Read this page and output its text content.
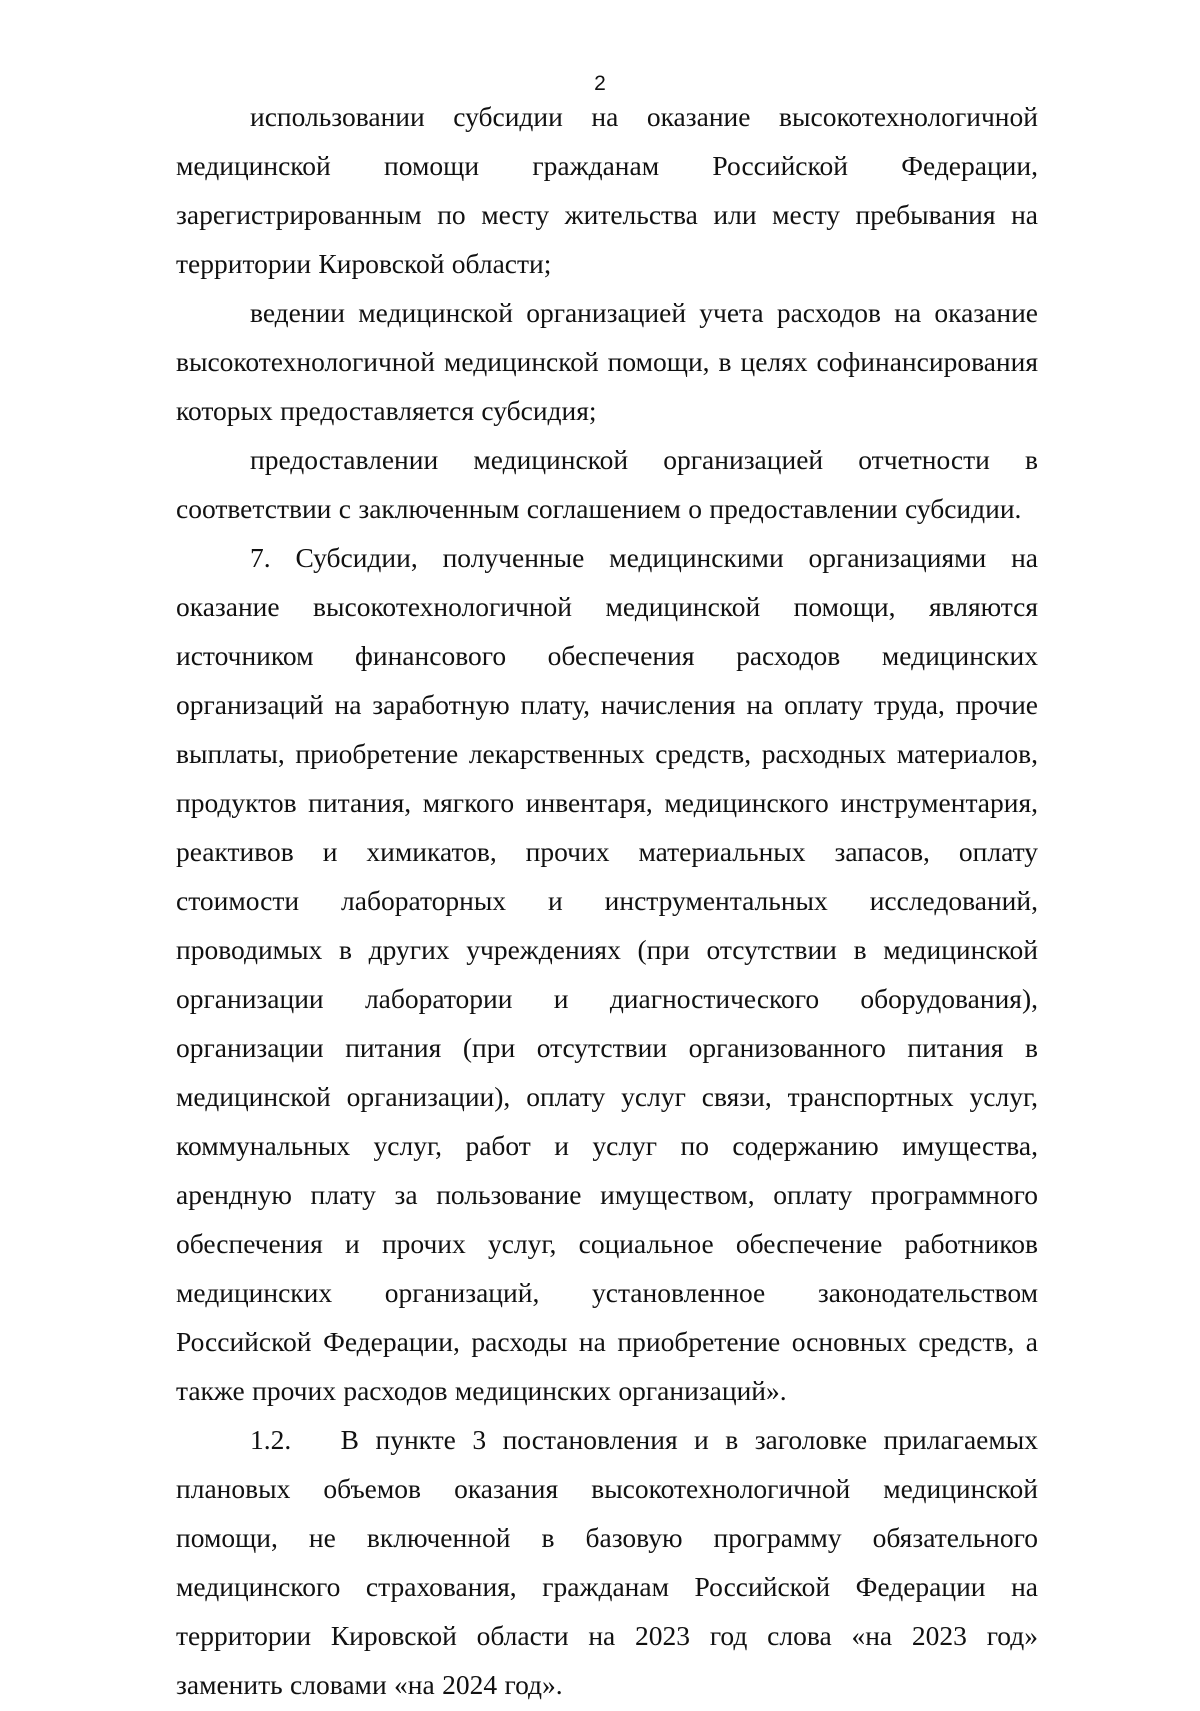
2

использовании субсидии на оказание высокотехнологичной медицинской помощи гражданам Российской Федерации, зарегистрированным по месту жительства или месту пребывания на территории Кировской области;

ведении медицинской организацией учета расходов на оказание высокотехнологичной медицинской помощи, в целях софинансирования которых предоставляется субсидия;

предоставлении медицинской организацией отчетности в соответствии с заключенным соглашением о предоставлении субсидии.

7. Субсидии, полученные медицинскими организациями на оказание высокотехнологичной медицинской помощи, являются источником финансового обеспечения расходов медицинских организаций на заработную плату, начисления на оплату труда, прочие выплаты, приобретение лекарственных средств, расходных материалов, продуктов питания, мягкого инвентаря, медицинского инструментария, реактивов и химикатов, прочих материальных запасов, оплату стоимости лабораторных и инструментальных исследований, проводимых в других учреждениях (при отсутствии в медицинской организации лаборатории и диагностического оборудования), организации питания (при отсутствии организованного питания в медицинской организации), оплату услуг связи, транспортных услуг, коммунальных услуг, работ и услуг по содержанию имущества, арендную плату за пользование имуществом, оплату программного обеспечения и прочих услуг, социальное обеспечение работников медицинских организаций, установленное законодательством Российской Федерации, расходы на приобретение основных средств, а также прочих расходов медицинских организаций».

1.2.   В пункте 3 постановления и в заголовке прилагаемых плановых объемов оказания высокотехнологичной медицинской помощи, не включенной в базовую программу обязательного медицинского страхования, гражданам Российской Федерации на территории Кировской области на 2023 год слова «на 2023 год» заменить словами «на 2024 год».
